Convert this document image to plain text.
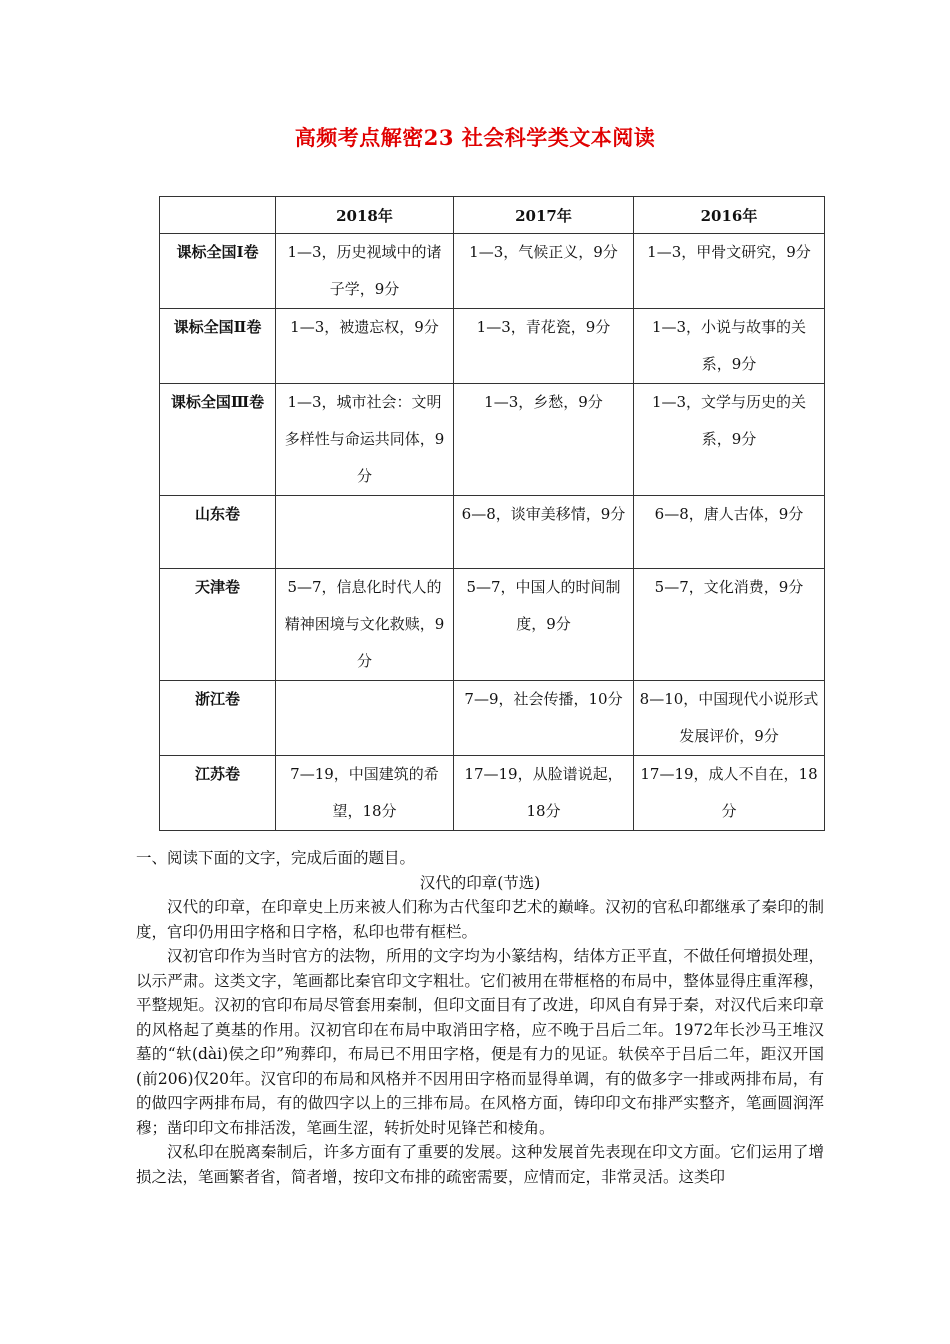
高频考点解密23 社会科学类文本阅读
	2018年	2017年	2016年
课标全国Ⅰ卷	1—3，历史视域中的诸子学，9分	1—3，气候正义，9分	1—3，甲骨文研究，9分
课标全国Ⅱ卷	1—3，被遗忘权，9分	1—3，青花瓷，9分	1—3，小说与故事的关系，9分
课标全国Ⅲ卷	1—3，城市社会：文明多样性与命运共同体，9分	1—3，乡愁，9分	1—3，文学与历史的关系，9分
山东卷		6—8，谈审美移情，9分	6—8，唐人古体，9分
天津卷	5—7，信息化时代人的精神困境与文化救赎，9分	5—7，中国人的时间制度，9分	5—7，文化消费，9分
浙江卷		7—9，社会传播，10分	8—10，中国现代小说形式发展评价，9分
江苏卷	7—19，中国建筑的希望，18分	17—19，从脸谱说起，18分	17—19，成人不自在，18分

一、阅读下面的文字，完成后面的题目。

汉代的印章(节选)

汉代的印章，在印章史上历来被人们称为古代玺印艺术的巅峰。汉初的官私印都继承了秦印的制度，官印仍用田字格和日字格，私印也带有框栏。

汉初官印作为当时官方的法物，所用的文字均为小篆结构，结体方正平直，不做任何增损处理，以示严肃。这类文字，笔画都比秦官印文字粗壮。它们被用在带框格的布局中，整体显得庄重浑穆，平整规矩。汉初的官印布局尽管套用秦制，但印文面目有了改进，印风自有异于秦，对汉代后来印章的风格起了奠基的作用。汉初官印在布局中取消田字格，应不晚于吕后二年。1972年长沙马王堆汉墓的“轪(dài)侯之印”殉葬印，布局已不用田字格，便是有力的见证。轪侯卒于吕后二年，距汉开国(前206)仅20年。汉官印的布局和风格并不因用田字格而显得单调，有的做多字一排或两排布局，有的做四字两排布局，有的做四字以上的三排布局。在风格方面，铸印印文布排严实整齐，笔画圆润浑穆；凿印印文布排活泼，笔画生涩，转折处时见锋芒和棱角。

汉私印在脱离秦制后，许多方面有了重要的发展。这种发展首先表现在印文方面。它们运用了增损之法，笔画繁者省，简者增，按印文布排的疏密需要，应情而定，非常灵活。这类印
